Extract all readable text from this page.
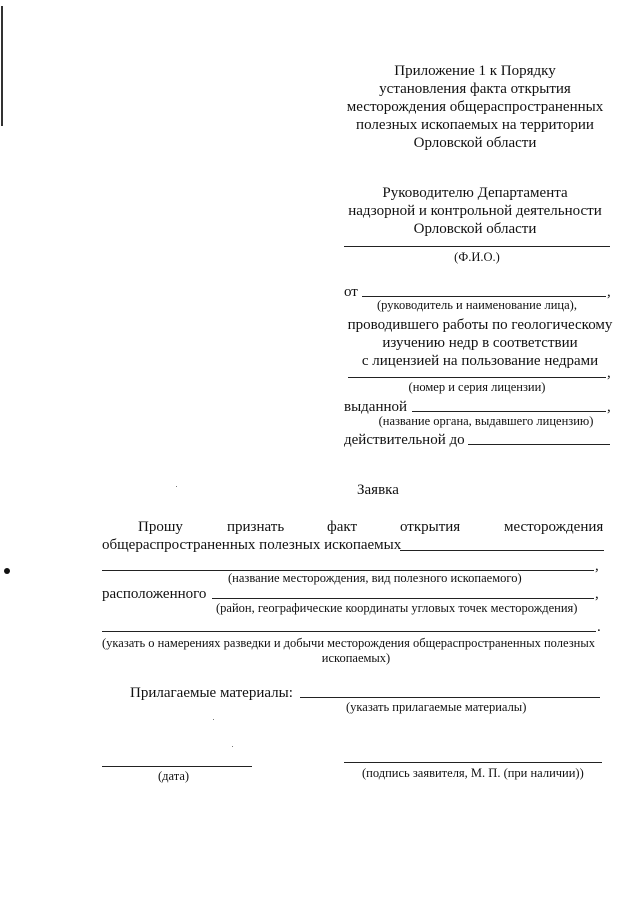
Приложение 1 к Порядку
установления факта открытия
месторождения общераспространенных
полезных ископаемых на территории
Орловской области
Руководителю Департамента
надзорной и контрольной деятельности
Орловской области
(Ф.И.О.)
от	,
(руководитель и наименование лица),
проводившего работы по геологическому
изучению недр в соответствии
с лицензией на пользование недрами
,
(номер и серия лицензии)
выданной	,
(название органа, выдавшего лицензию)
действительной до
Заявка
Прошу	признать	факт	открытия	месторождения
общераспространенных полезных ископаемых
,
(название месторождения, вид полезного ископаемого)
расположенного	,
(район, географические координаты угловых точек месторождения)
.
(указать о намерениях разведки и добычи месторождения общераспространенных полезных
ископаемых)
Прилагаемые материалы:
(указать прилагаемые материалы)
(дата)	(подпись заявителя, М. П. (при наличии))
